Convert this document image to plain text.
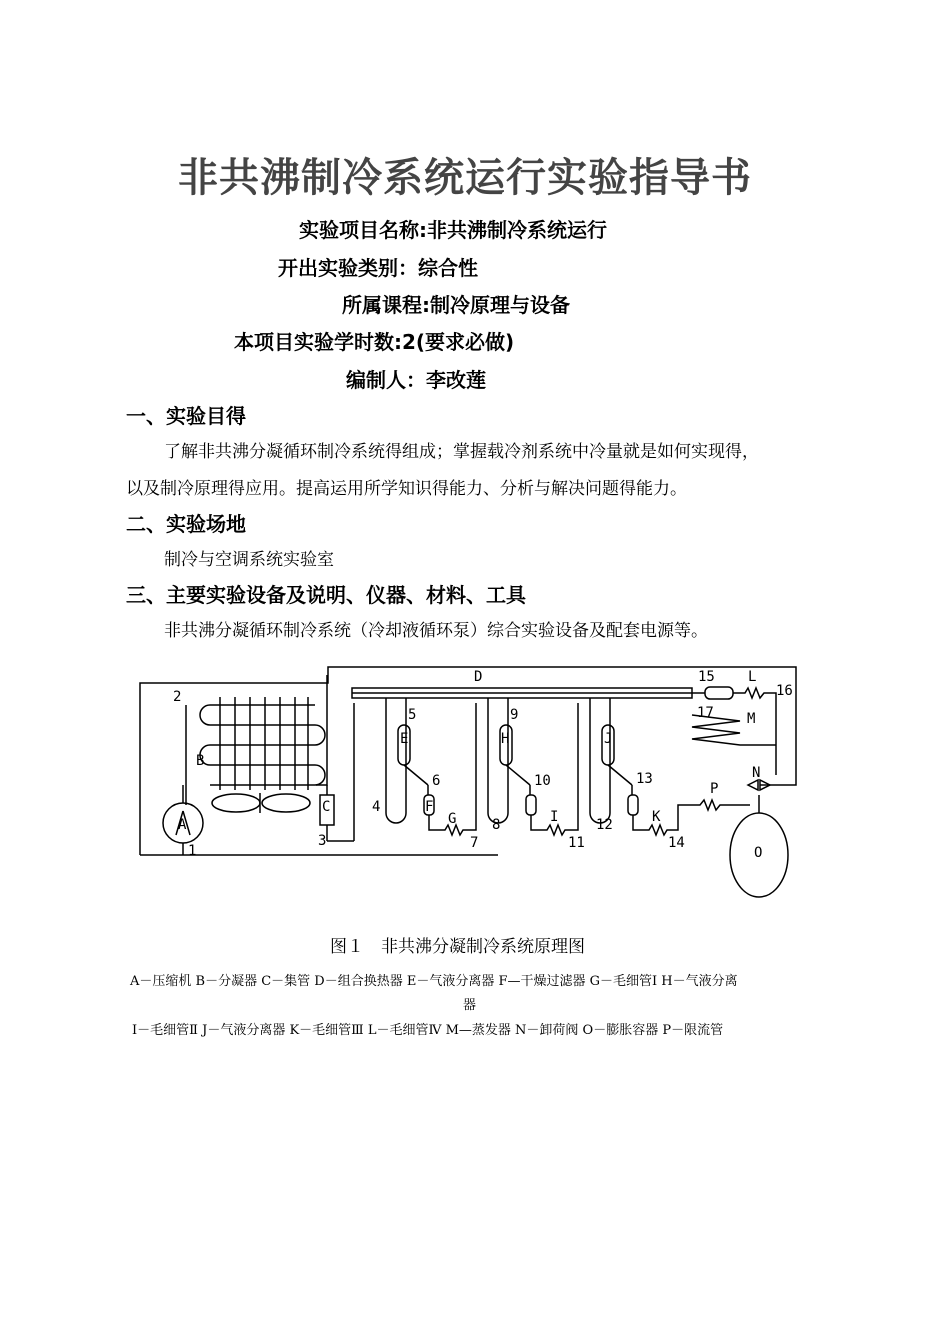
非共沸制冷系统运行实验指导书
实验项目名称:非共沸制冷系统运行
开出实验类别：综合性
所属课程:制冷原理与设备
本项目实验学时数:2(要求必做)
编制人：李改莲
一、实验目得
了解非共沸分凝循环制冷系统得组成；掌握载冷剂系统中冷量就是如何实现得，
以及制冷原理得应用。提高运用所学知识得能力、分析与解决问题得能力。
二、实验场地
制冷与空调系统实验室
三、主要实验设备及说明、仪器、材料、工具
非共沸分凝循环制冷系统（冷却液循环泵）综合实验设备及配套电源等。
D	15 L
16
17 M
2
B
C
3
A
1
5
E
6
F
G
4
7
9
H
10
I
8
11
J
13
K
12
14
P
N
O
图１　非共沸分凝制冷系统原理图
A－压缩机 B－分凝器 C－集管 D－组合换热器 E－气液分离器 F—干燥过滤器 G－毛细管Ⅰ H－气液分离
器
I－毛细管Ⅱ J－气液分离器 K－毛细管Ⅲ L－毛细管Ⅳ M—蒸发器 N－卸荷阀 O－膨胀容器 P－限流管
